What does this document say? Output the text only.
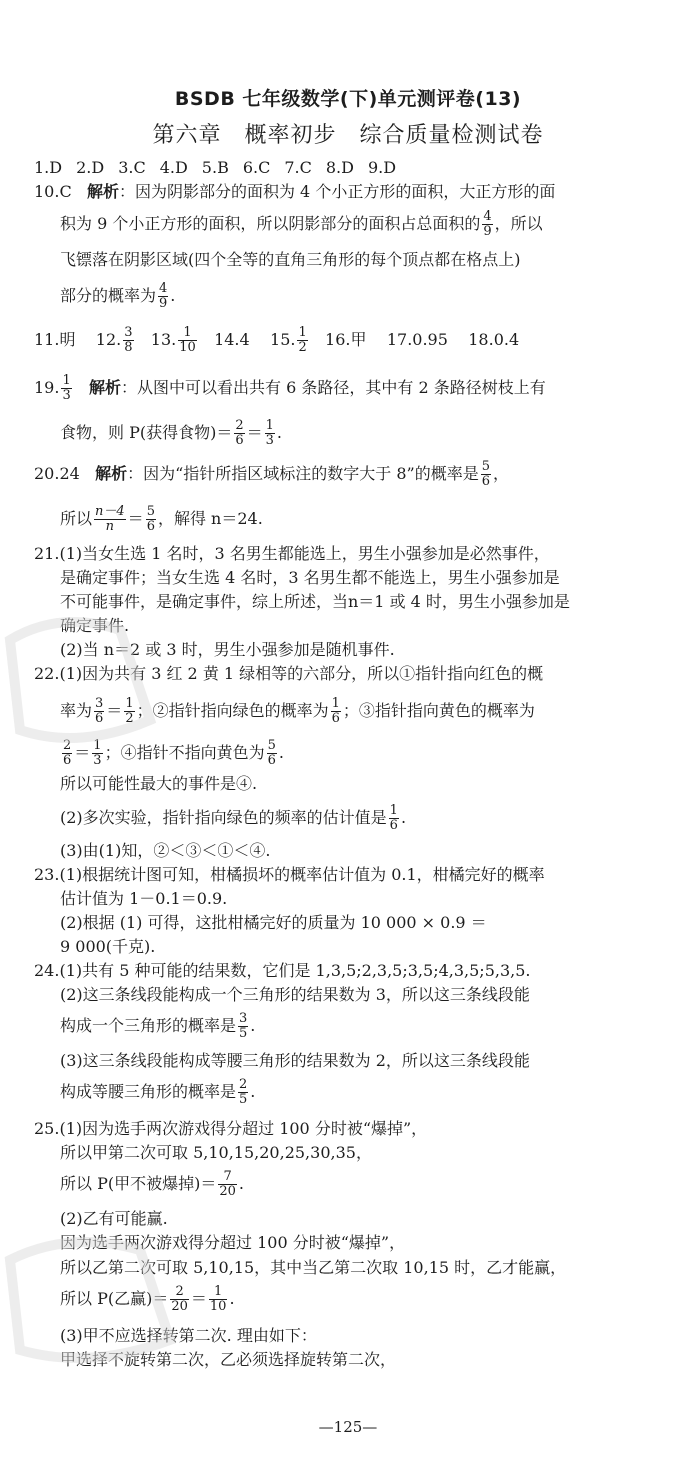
BSDB 七年级数学(下)单元测评卷(13)
第六章　概率初步　综合质量检测试卷
1.D 2.D 3.C 4.D 5.B 6.C 7.C 8.D 9.D
10.C 解析：因为阴影部分的面积为 4 个小正方形的面积，大正方形的面
积为 9 个小正方形的面积，所以阴影部分的面积占总面积的 $\frac{4}{9}$ ，所以
飞镖落在阴影区域(四个全等的直角三角形的每个顶点都在格点上)
部分的概率为 $\frac{4}{9}$ .
11.明 12. $\frac{3}{8} 13$. $\frac{1}{10} 14.4$ 15. $\frac{1}{2} 16$.甲 17.0.95 18.0.4
19. $\frac{1}{3}$ 解析：从图中可以看出共有 6 条路径，其中有 2 条路径树枝上有
食物，则 P(获得食物)＝ $\frac{2}{6} = \frac{1}{3}$ .
20.24 解析：因为“指针所指区域标注的数字大于 8”的概率是 $\frac{5}{6}$ ，
所以 $\frac{n-4}{n} = \frac{5}{6}$ ，解得 n＝24.
21.(1)当女生选 1 名时，3 名男生都能选上，男生小强参加是必然事件，
是确定事件；当女生选 4 名时，3 名男生都不能选上，男生小强参加是
不可能事件，是确定事件，综上所述，当n＝1 或 4 时，男生小强参加是
确定事件.
(2)当 n＝2 或 3 时，男生小强参加是随机事件.
22.(1)因为共有 3 红 2 黄 1 绿相等的六部分，所以①指针指向红色的概
率为 $\frac{3}{6} = \frac{1}{2}$ ；②指针指向绿色的概率为 $\frac{1}{6}$ ；③指针指向黄色的概率为
$\frac{2}{6} = \frac{1}{3}$ ；④指针不指向黄色为 $\frac{5}{6}$ .
所以可能性最大的事件是④.
(2)多次实验，指针指向绿色的频率的估计值是 $\frac{1}{6}$ .
(3)由(1)知，②＜③＜①＜④.
23.(1)根据统计图可知，柑橘损坏的概率估计值为 0.1，柑橘完好的概率
估计值为 1－0.1＝0.9.
(2)根据 (1) 可得，这批柑橘完好的质量为 10 000 × 0.9 ＝
9 000(千克).
24.(1)共有 5 种可能的结果数，它们是 1,3,5;2,3,5;3,5;4,3,5;5,3,5.
(2)这三条线段能构成一个三角形的结果数为 3，所以这三条线段能
构成一个三角形的概率是 $\frac{3}{5}$ .
(3)这三条线段能构成等腰三角形的结果数为 2，所以这三条线段能
构成等腰三角形的概率是 $\frac{2}{5}$ .
25.(1)因为选手两次游戏得分超过 100 分时被“爆掉”，
所以甲第二次可取 5,10,15,20,25,30,35，
所以 P(甲不被爆掉)＝ $\frac{7}{20}$ .
(2)乙有可能赢.
因为选手两次游戏得分超过 100 分时被“爆掉”，
所以乙第二次可取 5,10,15，其中当乙第二次取 10,15 时，乙才能赢，
所以 P(乙赢)＝ $\frac{2}{20} = \frac{1}{10}$ .
(3)甲不应选择转第二次. 理由如下：
甲选择不旋转第二次，乙必须选择旋转第二次，
—125—
